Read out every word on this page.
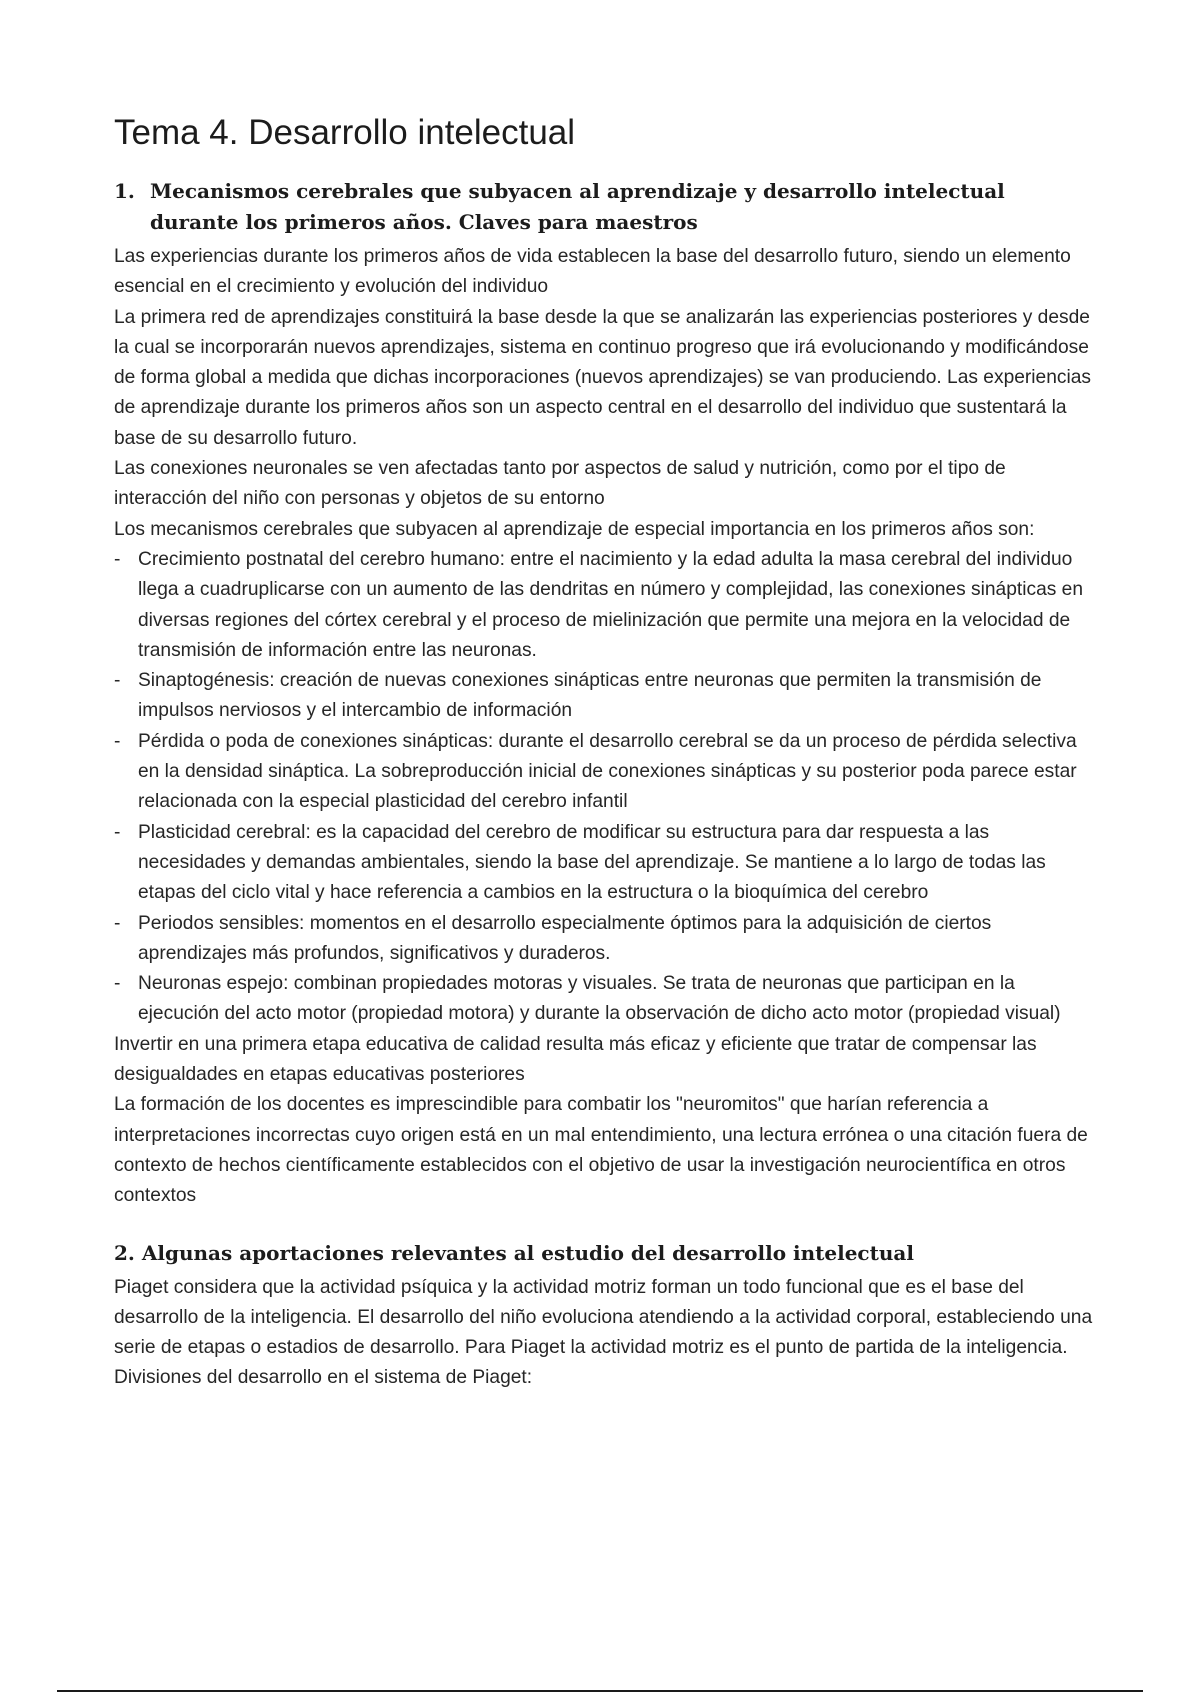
Tema 4. Desarrollo intelectual
1. Mecanismos cerebrales que subyacen al aprendizaje y desarrollo intelectual durante los primeros años. Claves para maestros

Las experiencias durante los primeros años de vida establecen la base del desarrollo futuro, siendo un elemento esencial en el crecimiento y evolución del individuo

La primera red de aprendizajes constituirá la base desde la que se analizarán las experiencias posteriores y desde la cual se incorporarán nuevos aprendizajes, sistema en continuo progreso que irá evolucionando y modificándose de forma global a medida que dichas incorporaciones (nuevos aprendizajes) se van produciendo. Las experiencias de aprendizaje durante los primeros años son un aspecto central en el desarrollo del individuo que sustentará la base de su desarrollo futuro.

Las conexiones neuronales se ven afectadas tanto por aspectos de salud y nutrición, como por el tipo de interacción del niño con personas y objetos de su entorno

Los mecanismos cerebrales que subyacen al aprendizaje de especial importancia en los primeros años son:

- Crecimiento postnatal del cerebro humano: entre el nacimiento y la edad adulta la masa cerebral del individuo llega a cuadruplicarse con un aumento de las dendritas en número y complejidad, las conexiones sinápticas en diversas regiones del córtex cerebral y el proceso de mielinización que permite una mejora en la velocidad de transmisión de información entre las neuronas.
- Sinaptogénesis: creación de nuevas conexiones sinápticas entre neuronas que permiten la transmisión de impulsos nerviosos y el intercambio de información
- Pérdida o poda de conexiones sinápticas: durante el desarrollo cerebral se da un proceso de pérdida selectiva en la densidad sináptica. La sobreproducción inicial de conexiones sinápticas y su posterior poda parece estar relacionada con la especial plasticidad del cerebro infantil
- Plasticidad cerebral: es la capacidad del cerebro de modificar su estructura para dar respuesta a las necesidades y demandas ambientales, siendo la base del aprendizaje. Se mantiene a lo largo de todas las etapas del ciclo vital y hace referencia a cambios en la estructura o la bioquímica del cerebro
- Periodos sensibles: momentos en el desarrollo especialmente óptimos para la adquisición de ciertos aprendizajes más profundos, significativos y duraderos.
- Neuronas espejo: combinan propiedades motoras y visuales. Se trata de neuronas que participan en la ejecución del acto motor (propiedad motora) y durante la observación de dicho acto motor (propiedad visual)

Invertir en una primera etapa educativa de calidad resulta más eficaz y eficiente que tratar de compensar las desigualdades en etapas educativas posteriores

La formación de los docentes es imprescindible para combatir los "neuromitos" que harían referencia a interpretaciones incorrectas cuyo origen está en un mal entendimiento, una lectura errónea o una citación fuera de contexto de hechos científicamente establecidos con el objetivo de usar la investigación neurocientífica en otros contextos

2. Algunas aportaciones relevantes al estudio del desarrollo intelectual

Piaget considera que la actividad psíquica y la actividad motriz forman un todo funcional que es el base del desarrollo de la inteligencia. El desarrollo del niño evoluciona atendiendo a la actividad corporal, estableciendo una serie de etapas o estadios de desarrollo. Para Piaget la actividad motriz es el punto de partida de la inteligencia. Divisiones del desarrollo en el sistema de Piaget:
